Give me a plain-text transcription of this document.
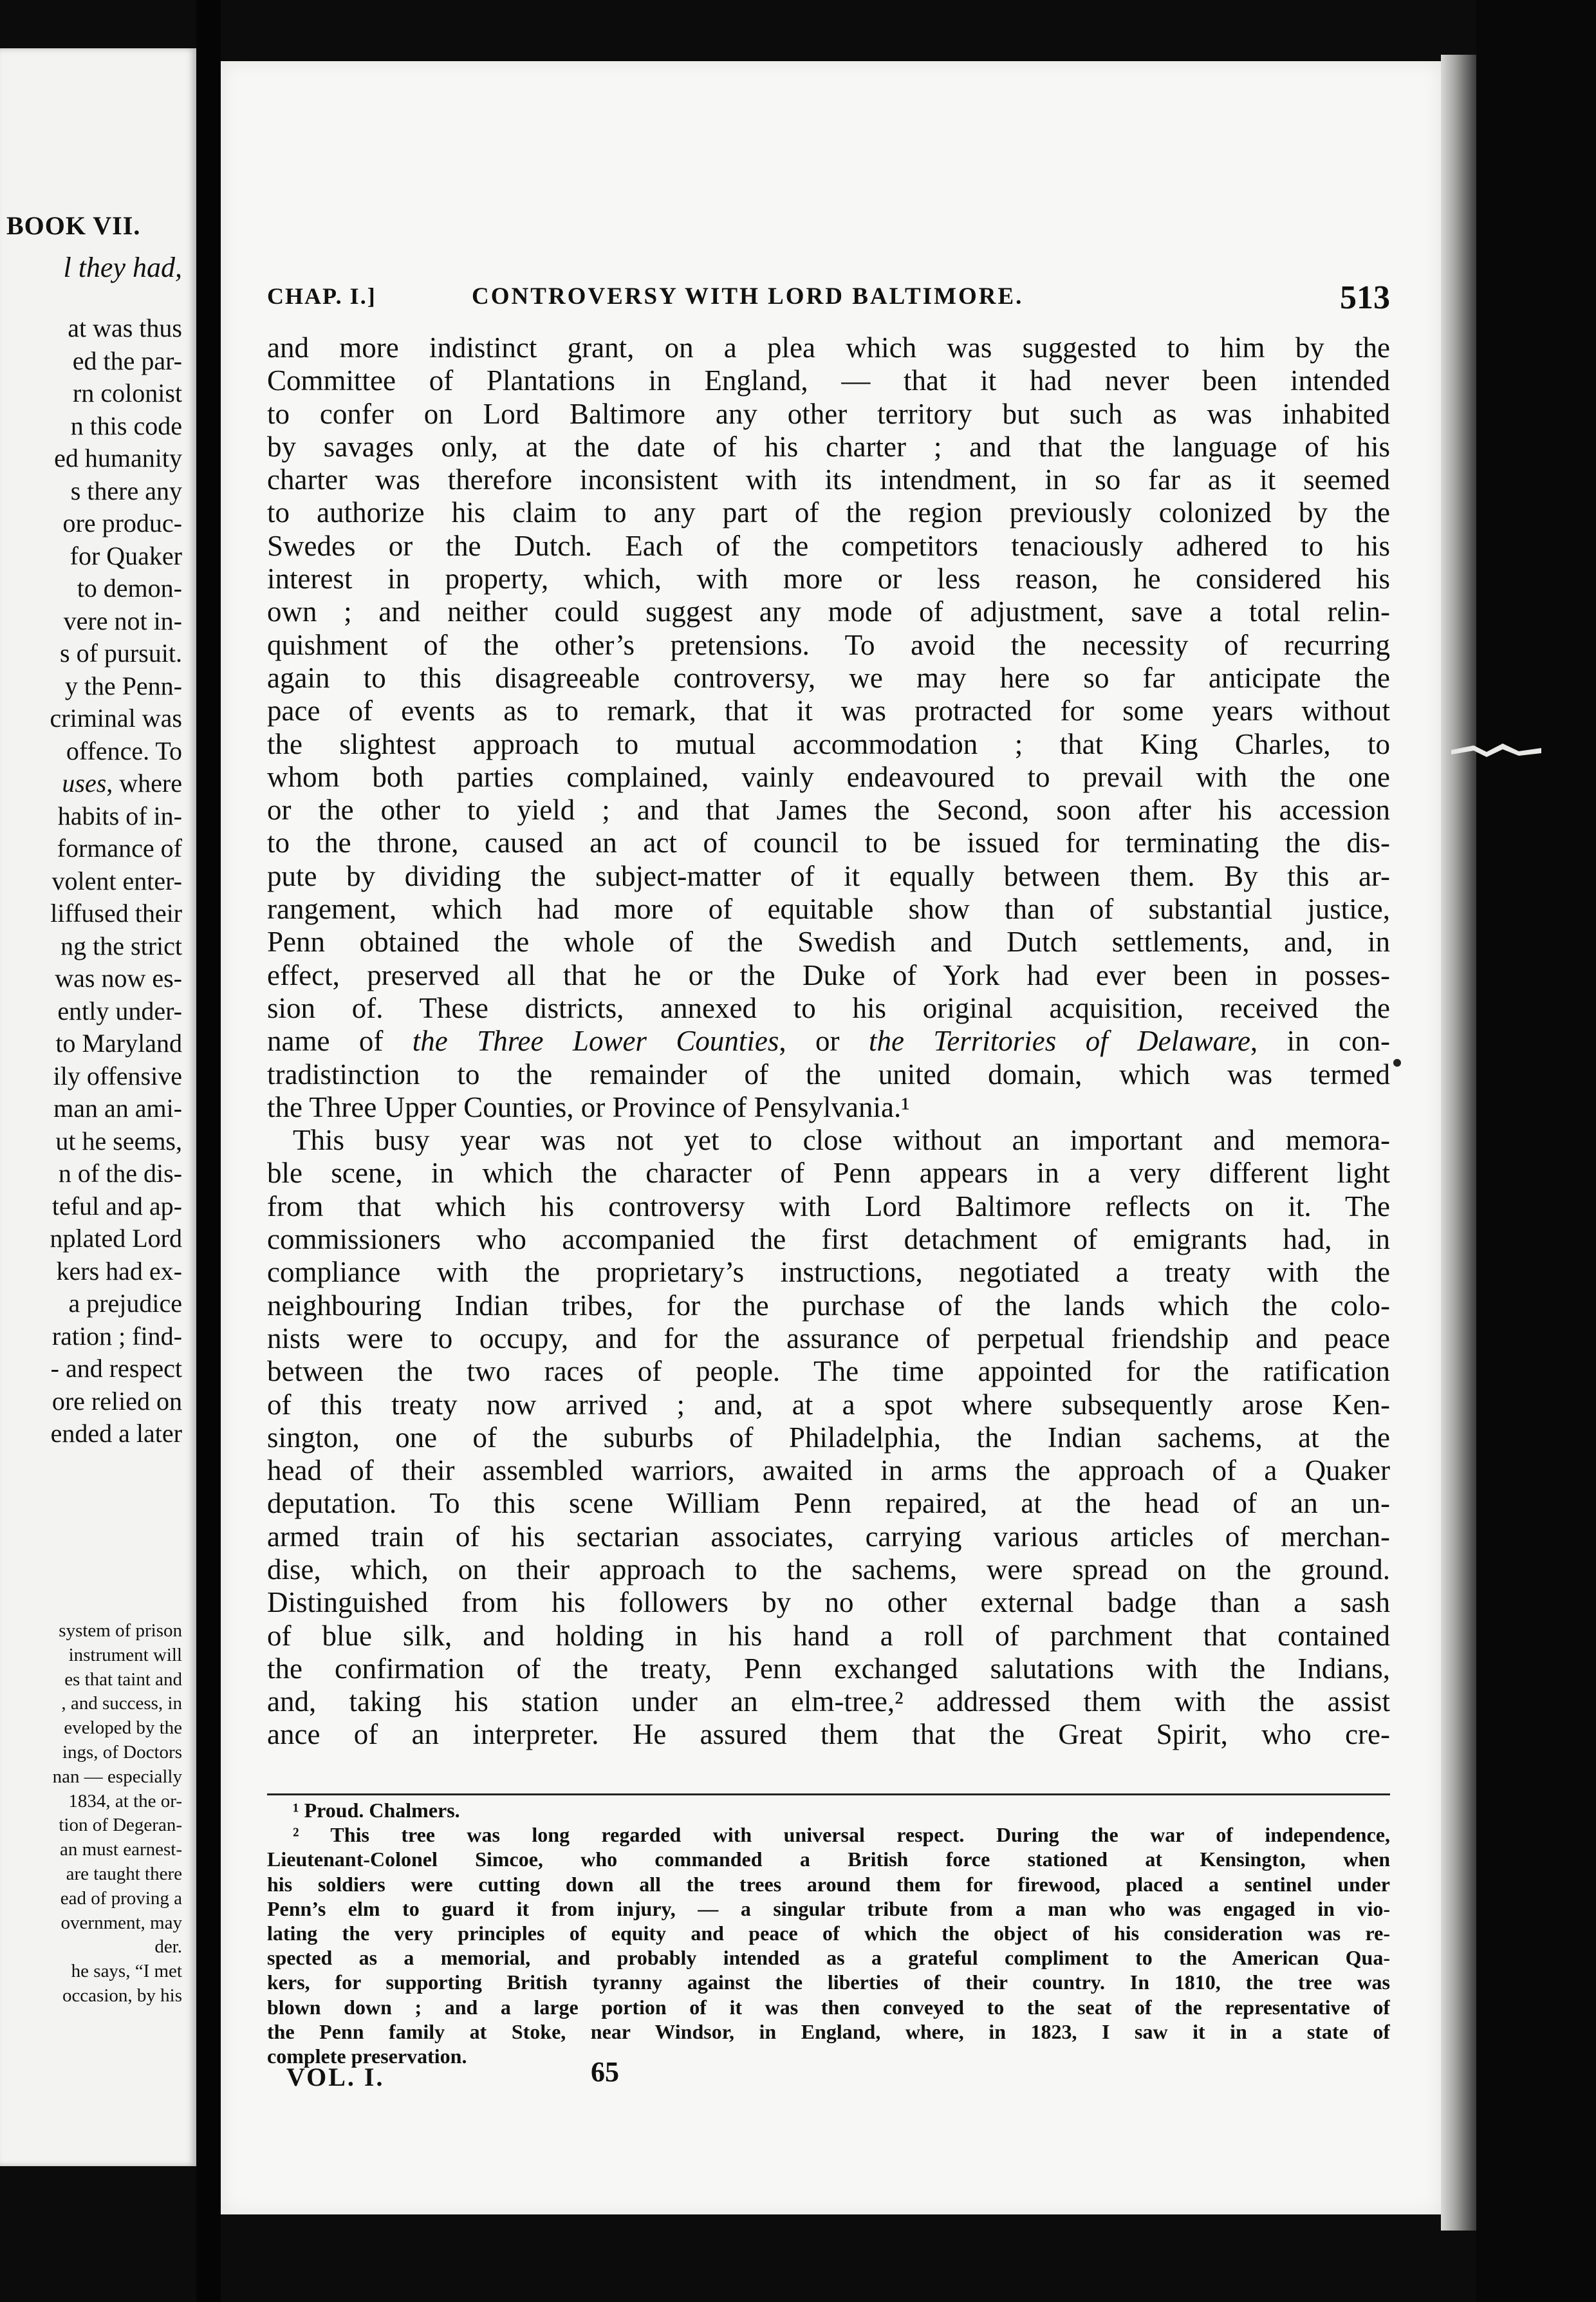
BOOK VII.
l they had,
at was thus
ed the par-
rn colonist
n this code
ed humanity
s there any
ore produc-
for Quaker
to demon-
vere not in-
s of pursuit.
y the Penn-
criminal was
offence. To
uses, where
habits of in-
formance of
volent enter-
liffused their
ng the strict
was now es-
ently under-
to Maryland
ily offensive
man an ami-
ut he seems,
n of the dis-
teful and ap-
nplated Lord
kers had ex-
a prejudice
ration ; find-
- and respect
ore relied on
ended a later
system of prison
instrument will
es that taint and
, and success, in
eveloped by the
ings, of Doctors
nan — especially
1834, at the or-
tion of Degeran-
an must earnest-
are taught there
ead of proving a
overnment, may
der.
he says, “I met
occasion, by his
CHAP. I.]	CONTROVERSY WITH LORD BALTIMORE.	513
and more indistinct grant, on a plea which was suggested to him by the
Committee of Plantations in England, — that it had never been intended
to confer on Lord Baltimore any other territory but such as was inhabited
by savages only, at the date of his charter ; and that the language of his
charter was therefore inconsistent with its intendment, in so far as it seemed
to authorize his claim to any part of the region previously colonized by the
Swedes or the Dutch. Each of the competitors tenaciously adhered to his
interest in property, which, with more or less reason, he considered his
own ; and neither could suggest any mode of adjustment, save a total relin-
quishment of the other’s pretensions. To avoid the necessity of recurring
again to this disagreeable controversy, we may here so far anticipate the
pace of events as to remark, that it was protracted for some years without
the slightest approach to mutual accommodation ; that King Charles, to
whom both parties complained, vainly endeavoured to prevail with the one
or the other to yield ; and that James the Second, soon after his accession
to the throne, caused an act of council to be issued for terminating the dis-
pute by dividing the subject-matter of it equally between them. By this ar-
rangement, which had more of equitable show than of substantial justice,
Penn obtained the whole of the Swedish and Dutch settlements, and, in
effect, preserved all that he or the Duke of York had ever been in posses-
sion of. These districts, annexed to his original acquisition, received the
name of the Three Lower Counties, or the Territories of Delaware, in con-
tradistinction to the remainder of the united domain, which was termed
the Three Upper Counties, or Province of Pensylvania.¹
This busy year was not yet to close without an important and memora-
ble scene, in which the character of Penn appears in a very different light
from that which his controversy with Lord Baltimore reflects on it. The
commissioners who accompanied the first detachment of emigrants had, in
compliance with the proprietary’s instructions, negotiated a treaty with the
neighbouring Indian tribes, for the purchase of the lands which the colo-
nists were to occupy, and for the assurance of perpetual friendship and peace
between the two races of people. The time appointed for the ratification
of this treaty now arrived ; and, at a spot where subsequently arose Ken-
sington, one of the suburbs of Philadelphia, the Indian sachems, at the
head of their assembled warriors, awaited in arms the approach of a Quaker
deputation. To this scene William Penn repaired, at the head of an un-
armed train of his sectarian associates, carrying various articles of merchan-
dise, which, on their approach to the sachems, were spread on the ground.
Distinguished from his followers by no other external badge than a sash
of blue silk, and holding in his hand a roll of parchment that contained
the confirmation of the treaty, Penn exchanged salutations with the Indians,
and, taking his station under an elm-tree,² addressed them with the assist
ance of an interpreter. He assured them that the Great Spirit, who cre-
¹ Proud. Chalmers.
² This tree was long regarded with universal respect. During the war of independence,
Lieutenant-Colonel Simcoe, who commanded a British force stationed at Kensington, when
his soldiers were cutting down all the trees around them for firewood, placed a sentinel under
Penn’s elm to guard it from injury, — a singular tribute from a man who was engaged in vio-
lating the very principles of equity and peace of which the object of his consideration was re-
spected as a memorial, and probably intended as a grateful compliment to the American Qua-
kers, for supporting British tyranny against the liberties of their country. In 1810, the tree was
blown down ; and a large portion of it was then conveyed to the seat of the representative of
the Penn family at Stoke, near Windsor, in England, where, in 1823, I saw it in a state of
complete preservation.
VOL. I.	65
